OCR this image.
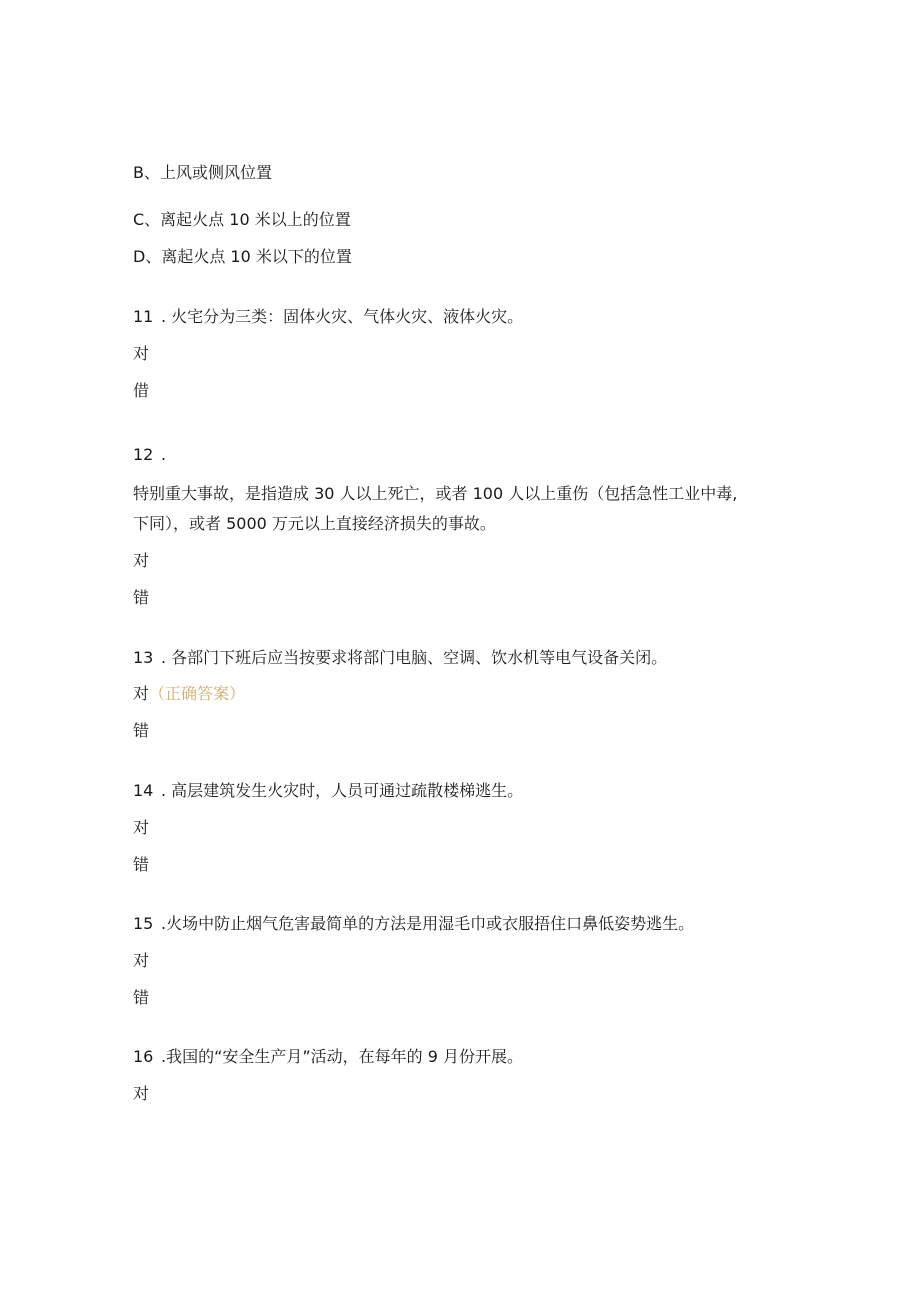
B、上风或侧风位置
C、离起火点 10 米以上的位置
D、离起火点 10 米以下的位置
11 . 火宅分为三类：固体火灾、气体火灾、液体火灾。
对
借
12 .
特别重大事故，是指造成 30 人以上死亡，或者 100 人以上重伤（包括急性工业中毒,
下同），或者 5000 万元以上直接经济损失的事故。
对
错
13 . 各部门下班后应当按要求将部门电脑、空调、饮水机等电气设备关闭。
对（正确答案）
错
14 . 高层建筑发生火灾时，人员可通过疏散楼梯逃生。
对
错
15 .火场中防止烟气危害最简单的方法是用湿毛巾或衣服捂住口鼻低姿势逃生。
对
错
16 .我国的“安全生产月”活动，在每年的 9 月份开展。
对
